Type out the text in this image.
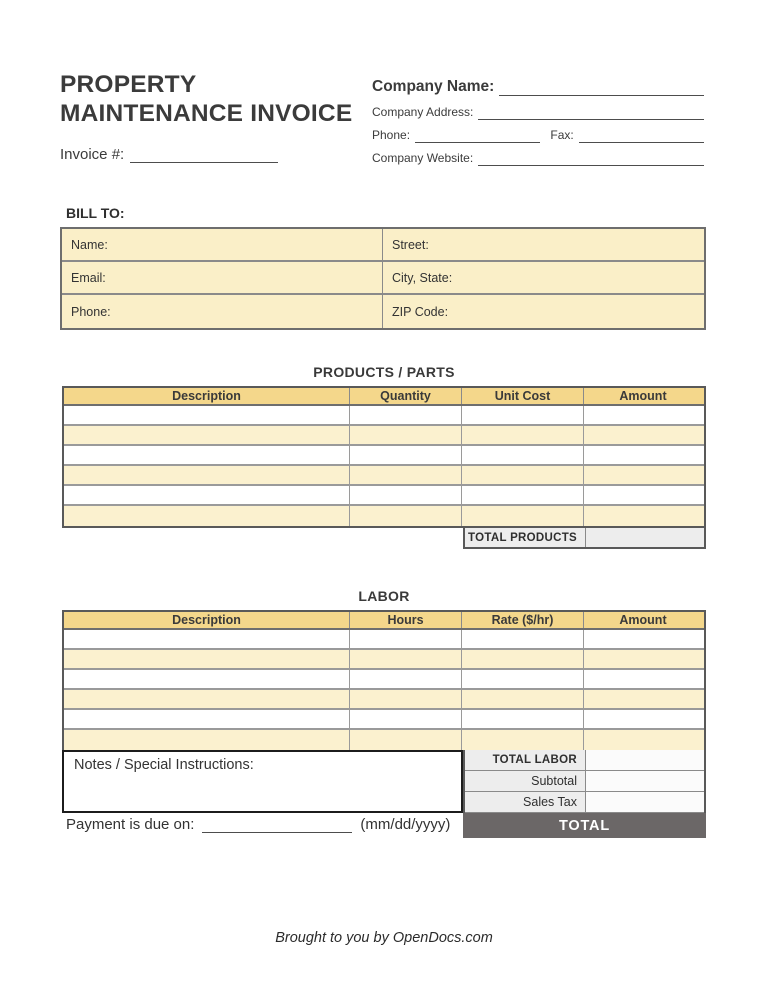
PROPERTY MAINTENANCE INVOICE
Invoice #:
Company Name:
Company Address:
Phone:	Fax:
Company Website:
BILL TO:
Name:	Street:
Email:	City, State:
Phone:	ZIP Code:
PRODUCTS / PARTS
Description	Quantity	Unit Cost	Amount
TOTAL PRODUCTS
LABOR
Description	Hours	Rate ($/hr)	Amount
Notes / Special Instructions:	TOTAL LABOR
Subtotal
Sales Tax
TOTAL
Payment is due on:	(mm/dd/yyyy)
Brought to you by OpenDocs.com
